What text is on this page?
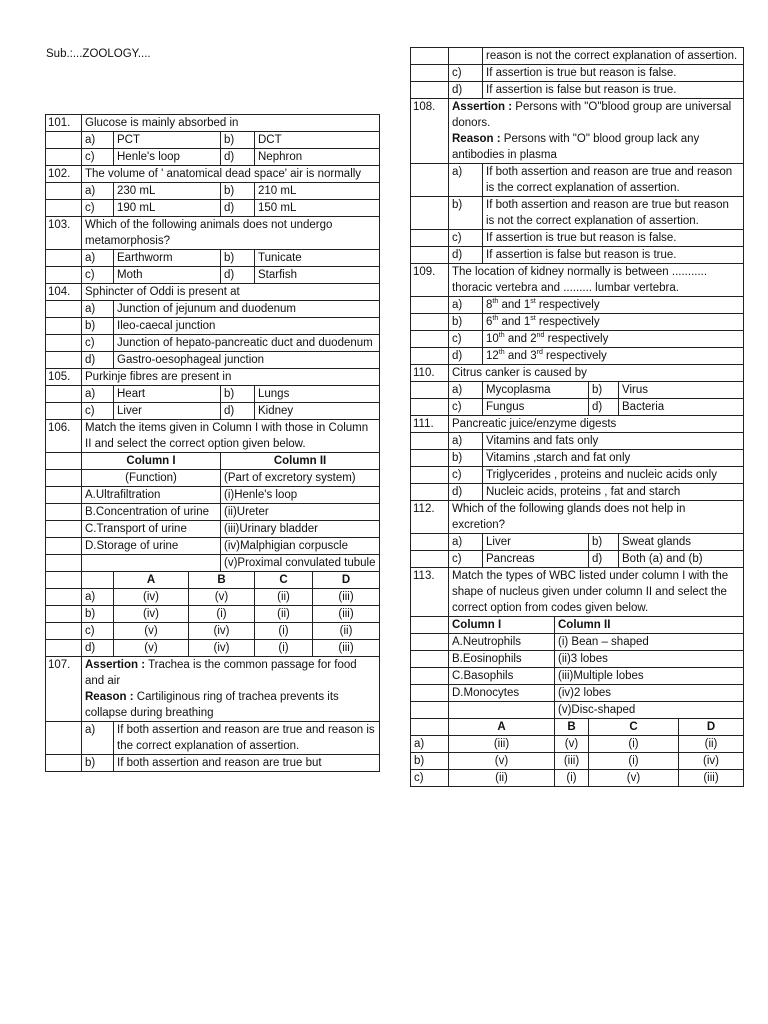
Sub.:...ZOOLOGY....
101.	Glucose is mainly absorbed in					
	a)	PCT		b)	DCT	
	c)	Henle's loop		d)	Nephron	
102.	The volume of ' anatomical dead space' air is normally					
	a)	230 mL		b)	210 mL	
	c)	190 mL		d)	150 mL	
103.	Which of the following animals does not undergo metamorphosis?					
	a)	Earthworm		b)	Tunicate	
	c)	Moth		d)	Starfish	
104.	Sphincter of Oddi is present at					
	a)	Junction of jejunum and duodenum				
	b)	Ileo-caecal junction				
	c)	Junction of hepato-pancreatic duct and duodenum				
	d)	Gastro-oesophageal junction				
105.	Purkinje fibres are present in					
	a)	Heart		b)	Lungs	
	c)	Liver		d)	Kidney	
106.	Match the items given in Column I with those in Column II and select the correct option given below.					
	Column I			Column II		
	(Function)			(Part of excretory system)		
	A.Ultrafiltration			(i)Henle's loop		
	B.Concentration of urine			(ii)Ureter		
	C.Transport of urine			(iii)Urinary bladder		
	D.Storage of urine			(iv)Malphigian corpuscle		
				(v)Proximal convulated tubule		
		A	B		C	D
	a)	(iv)	(v)		(ii)	(iii)
	b)	(iv)	(i)		(ii)	(iii)
	c)	(v)	(iv)		(i)	(ii)
	d)	(v)	(iv)		(i)	(iii)
107.	Assertion : Trachea is the common passage for food and air
Reason : Cartiliginous ring of trachea prevents its collapse during breathing					
	a)	If both assertion and reason are true and reason is the correct explanation of assertion.				
	b)	If both assertion and reason are true but				
		reason is not the correct explanation of assertion.				
	c)	If assertion is true but reason is false.				
	d)	If assertion is false but reason is true.				
108.	Assertion : Persons with "O"blood group are universal donors.
Reason : Persons with "O" blood group lack any antibodies in plasma					
	a)	If both assertion and reason are true and reason is the correct explanation of assertion.				
	b)	If both assertion and reason are true but reason is not the correct explanation of assertion.				
	c)	If assertion is true but reason is false.				
	d)	If assertion is false but reason is true.				
109.	The location of kidney normally is between ........... thoracic vertebra and ......... lumbar vertebra.					
	a)	8th and 1st respectively				
	b)	6th and 1st respectively				
	c)	10th and 2nd respectively				
	d)	12th and 3rd respectively				
110.	Citrus canker is caused by					
	a)	Mycoplasma		b)	Virus	
	c)	Fungus		d)	Bacteria	
111.	Pancreatic juice/enzyme digests					
	a)	Vitamins and fats only				
	b)	Vitamins ,starch and fat only				
	c)	Triglycerides , proteins and nucleic acids only				
	d)	Nucleic acids, proteins , fat and starch				
112.	Which of the following glands does not help in excretion?					
	a)	Liver		b)	Sweat glands	
	c)	Pancreas		d)	Both (a) and (b)	
113.	Match the types of WBC listed under column I with the shape of nucleus given under column II and select the correct option from codes given below.					
	Column I		Column II			
	A.Neutrophils		(i) Bean – shaped			
	B.Eosinophils		(ii)3 lobes			
	C.Basophils		(iii)Multiple lobes			
	D.Monocytes		(iv)2 lobes			
			(v)Disc-shaped			
	A		B	C		D
a)	(iii)		(v)	(i)		(ii)
b)	(v)		(iii)	(i)		(iv)
c)	(ii)		(i)	(v)		(iii)
